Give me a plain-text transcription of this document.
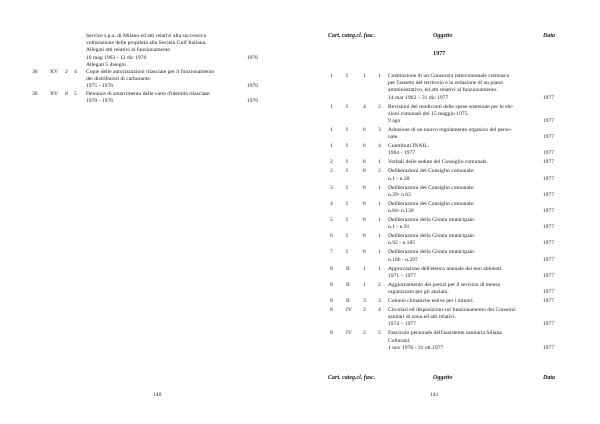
Service s.p.a. di Milano ed atti relativi alla successiva
volturazione delle proprietà alla Società Gulf Italiana.
Allegati atti relativi al funzionamento
10 mag 1963 - 12 dic 1976	1976
Allegati 5 disegni
30 XV 2 4 Copie delle autorizzazioni rilasciate per il funzionamento
dei distributori di carburante.
1975 - 1976	1976
30 XV 8 5 Denunce di smarrimento delle carte d'identità rilasciate.
1970 - 1976	1976
140
Cart. categ.cl. fasc.	Oggetto	Data
1977
1 I	1 1 Costituzione di un Consorzio intercomunale cremasco
per l'assetto del territorio e la redazione di un piano
amministrativo, ed atti relativi al funzionamento.
14 mar 1962 – 31 dic 1977	1977
1 I	4 2 Revisioni dei rendiconti delle spese sostenute per le ele-
zioni comunali del 15 maggio 1975.
9 ago	1977
1 I	6 3 Adozione di un nuovo regolamento organico del perso-
nale.	1977
1 I	6 4 Contributi INAIL.
1964 - 1977	1977
2 I	8 1 Verbali delle sedute del Consiglio comunale.	1977
2 I	8 2 Deliberazioni del Consiglio comunale:
n.1 - n.28	1977
3 I	8 1 Deliberazioni del Consiglio comunale:
n.29- n.63	1977
4 I	8 1 Deliberazioni del Consiglio comunale:
n.64- n.130	1977
5 I	8 1 Deliberazioni della Giunta municipale:
n.1 - n.91	1977
6 I	8 1 Deliberazioni della Giunta municipale:
n.92 - n.185	1977
7 I	8 1 Deliberazioni della Giunta municipale:
n.186 - n.297	1977
8 II 1 1 Approvazione dell'elenco annuale dei non abbienti.
1971 – 1977	1977
8 II 1 2 Aggiornamento dei prezzi per il servizio di mensa
organizzato per gli anziani.	1977
8 II 3 3 Colonie climatiche estive per i minori.	1977
8 IV 2 4 Circolari ed disposizioni sul funzionamento dei Consorzi
sanitari di zona ed atti relativi.
1974 – 1977	1977
8 IV 2 5 Fascicolo personale dell'assistente sanitaria Siliana
Colturani.
1 nov 1976 - 31 ott.1977	1977
Cart. categ.cl. fasc.	Oggetto	Data
141
